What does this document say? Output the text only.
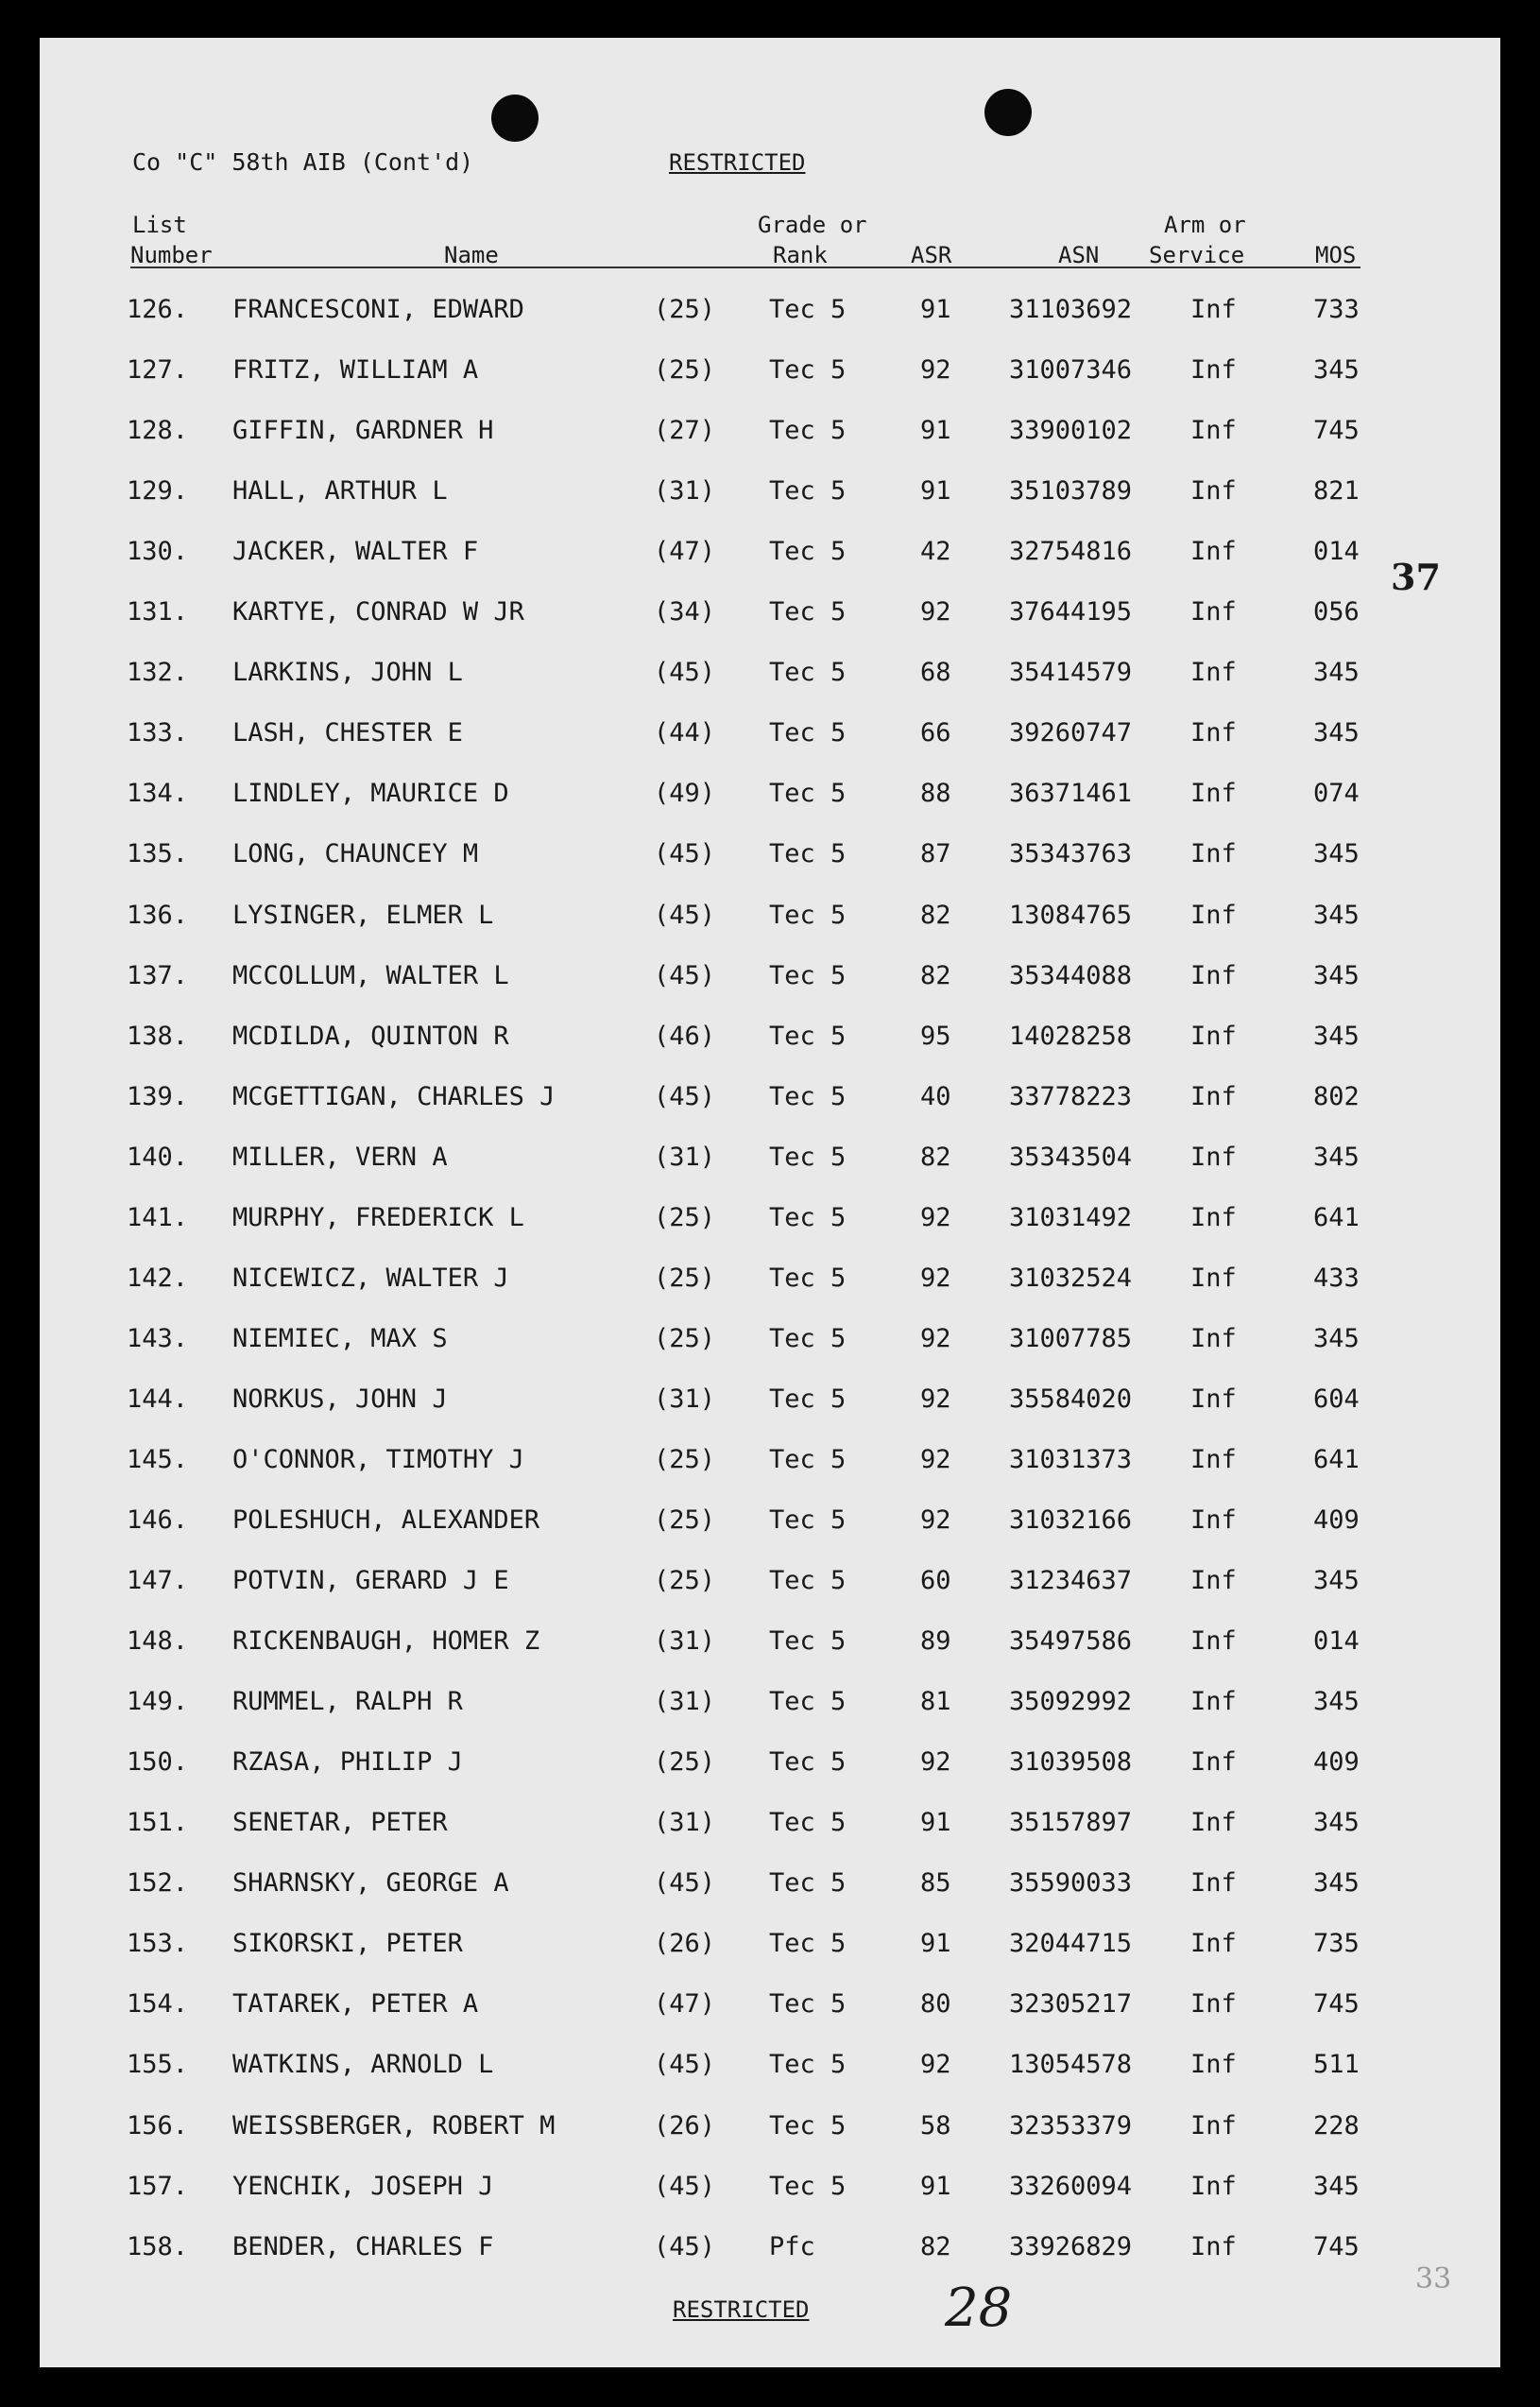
Co "C" 58th AIB (Cont'd)	RESTRICTED
37
List
Number	Name
Grade or
Rank	ASR	ASN
Arm or
Service	MOS
126. FRANCESCONI, EDWARD	(25) Tec 5	91 31103692 Inf	733
127. FRITZ, WILLIAM A	(25) Tec 5	92 31007346 Inf	345
128. GIFFIN, GARDNER H	(27) Tec 5	91 33900102 Inf	745
129. HALL, ARTHUR L	(31) Tec 5	91 35103789 Inf	821
130. JACKER, WALTER F	(47) Tec 5	42 32754816 Inf	014
131. KARTYE, CONRAD W JR	(34) Tec 5	92 37644195 Inf	056
132. LARKINS, JOHN L	(45) Tec 5	68 35414579 Inf	345
133. LASH, CHESTER E	(44) Tec 5	66 39260747 Inf	345
134. LINDLEY, MAURICE D	(49) Tec 5	88 36371461 Inf	074
135. LONG, CHAUNCEY M	(45) Tec 5	87 35343763 Inf	345
136. LYSINGER, ELMER L	(45) Tec 5	82 13084765 Inf	345
137. MCCOLLUM, WALTER L	(45) Tec 5	82 35344088 Inf	345
138. MCDILDA, QUINTON R	(46) Tec 5	95 14028258 Inf	345
139. MCGETTIGAN, CHARLES J	(45) Tec 5	40 33778223 Inf	802
140. MILLER, VERN A	(31) Tec 5	82 35343504 Inf	345
141. MURPHY, FREDERICK L	(25) Tec 5	92 31031492 Inf	641
142. NICEWICZ, WALTER J	(25) Tec 5	92 31032524 Inf	433
143. NIEMIEC, MAX S	(25) Tec 5	92 31007785 Inf	345
144. NORKUS, JOHN J	(31) Tec 5	92 35584020 Inf	604
145. O'CONNOR, TIMOTHY J	(25) Tec 5	92 31031373 Inf	641
146. POLESHUCH, ALEXANDER	(25) Tec 5	92 31032166 Inf	409
147. POTVIN, GERARD J E	(25) Tec 5	60 31234637 Inf	345
148. RICKENBAUGH, HOMER Z	(31) Tec 5	89 35497586 Inf	014
149. RUMMEL, RALPH R	(31) Tec 5	81 35092992 Inf	345
150. RZASA, PHILIP J	(25) Tec 5	92 31039508 Inf	409
151. SENETAR, PETER	(31) Tec 5	91 35157897 Inf	345
152. SHARNSKY, GEORGE A	(45) Tec 5	85 35590033 Inf	345
153. SIKORSKI, PETER	(26) Tec 5	91 32044715 Inf	735
154. TATAREK, PETER A	(47) Tec 5	80 32305217 Inf	745
155. WATKINS, ARNOLD L	(45) Tec 5	92 13054578 Inf	511
156. WEISSBERGER, ROBERT M	(26) Tec 5	58 32353379 Inf	228
157. YENCHIK, JOSEPH J	(45) Tec 5	91 33260094 Inf	345
158. BENDER, CHARLES F	(45) Pfc	82 33926829 Inf	745
RESTRICTED	28	33
